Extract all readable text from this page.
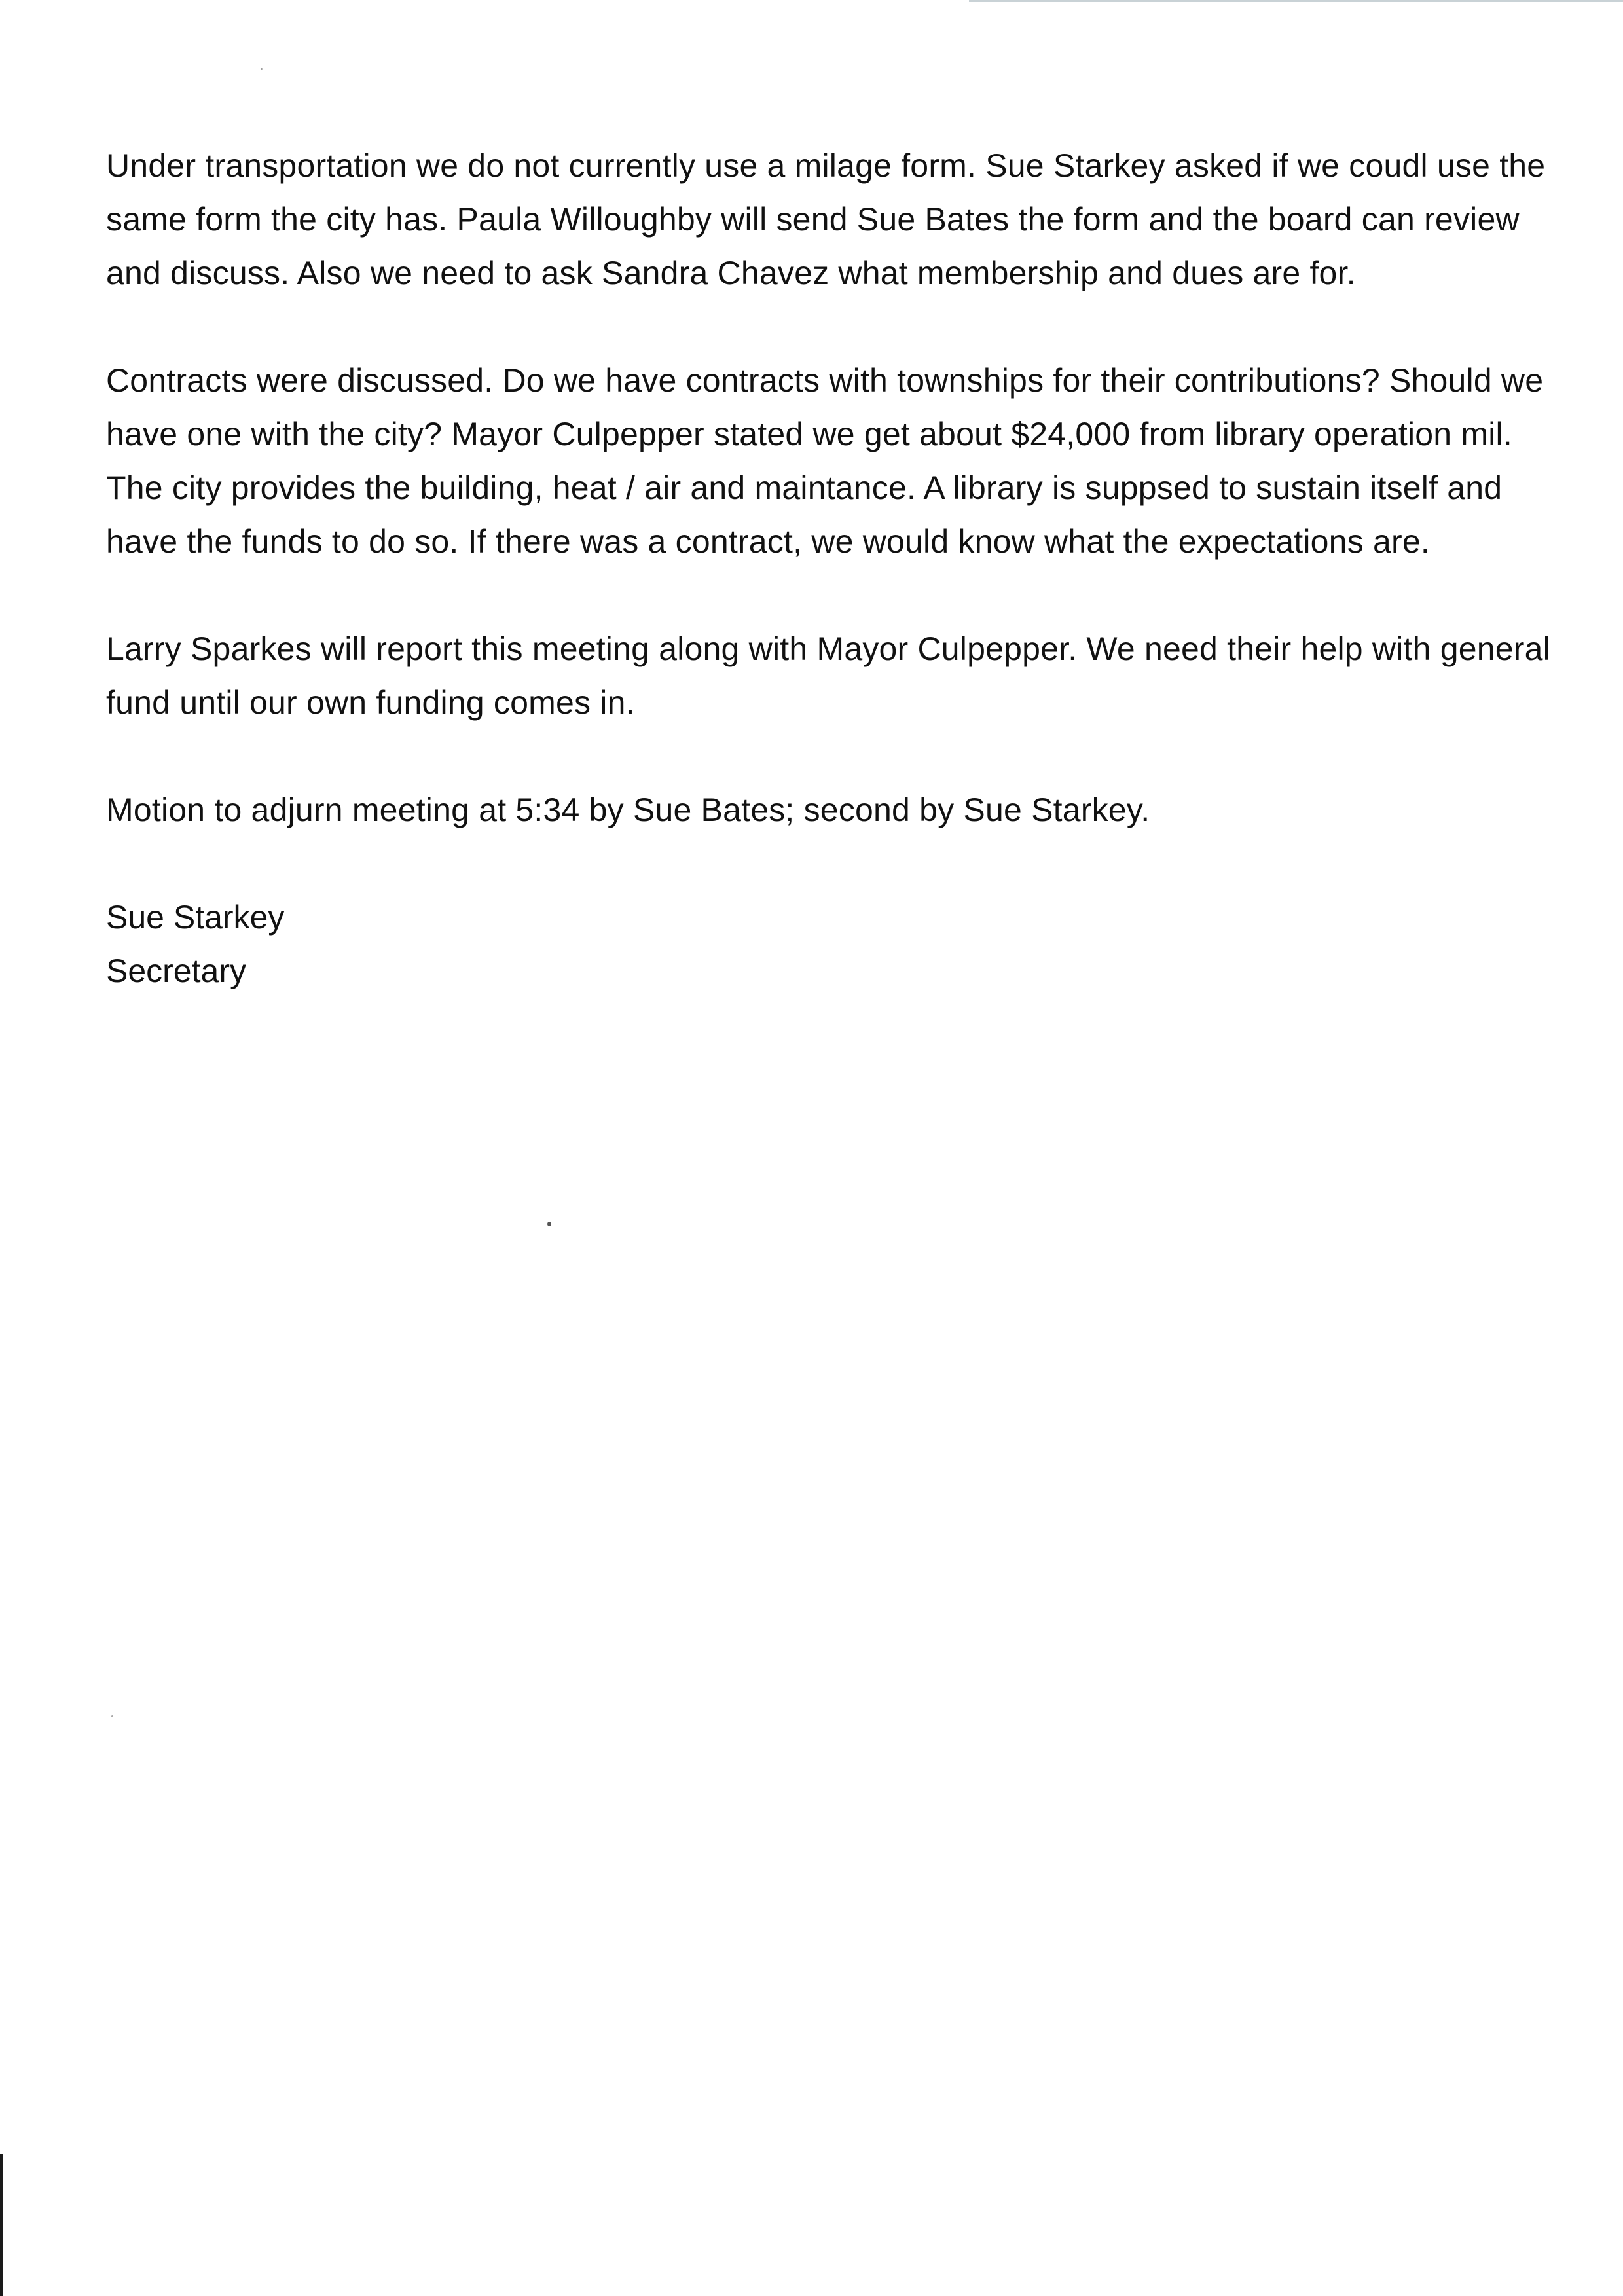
Under transportation we do not currently use a milage form. Sue Starkey asked if we coudl use the same form the city has. Paula Willoughby will send Sue Bates the form and the board can review and discuss. Also we need to ask Sandra Chavez what membership and dues are for.

Contracts were discussed. Do we have contracts with townships for their contributions? Should we have one with the city? Mayor Culpepper stated we get about $24,000 from library operation mil. The city provides the building, heat / air and maintance. A library is suppsed to sustain itself and have the funds to do so. If there was a contract, we would know what the expectations are.

Larry Sparkes will report this meeting along with Mayor Culpepper. We need their help with general fund until our own funding comes in.

Motion to adjurn meeting at 5:34 by Sue Bates; second by Sue Starkey.

Sue Starkey

Secretary
